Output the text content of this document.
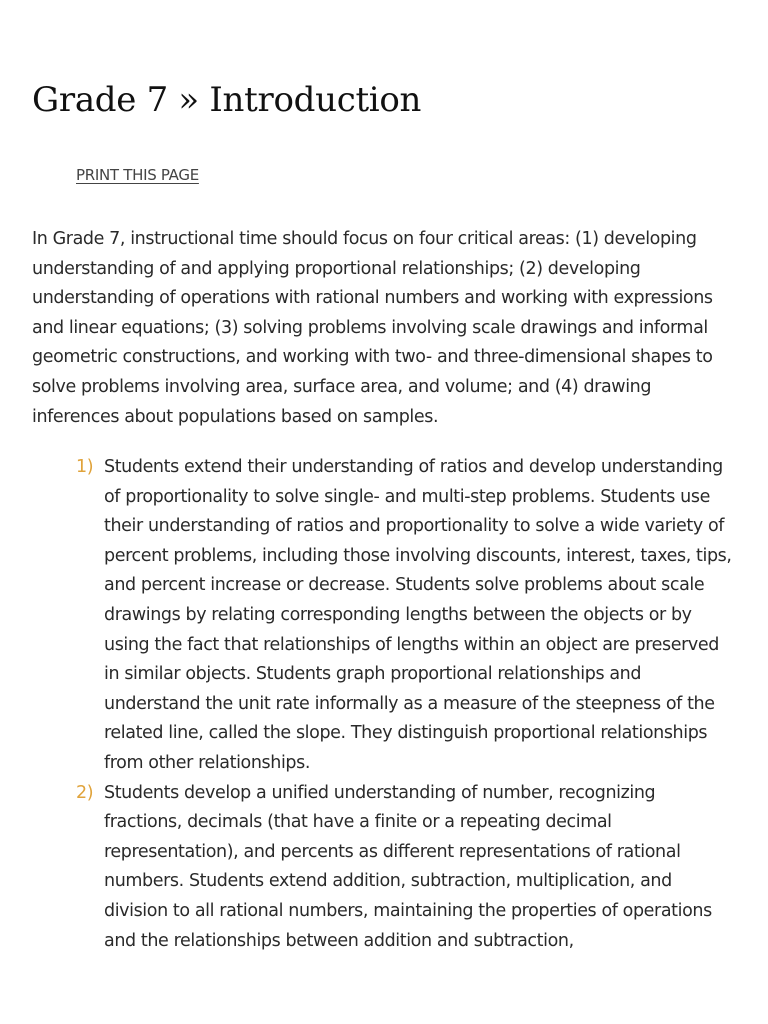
Grade 7 » Introduction
PRINT THIS PAGE

In Grade 7, instructional time should focus on four critical areas: (1) developing understanding of and applying proportional relationships; (2) developing understanding of operations with rational numbers and working with expressions and linear equations; (3) solving problems involving scale drawings and informal geometric constructions, and working with two- and three-dimensional shapes to solve problems involving area, surface area, and volume; and (4) drawing inferences about populations based on samples.

1) Students extend their understanding of ratios and develop understanding of proportionality to solve single- and multi-step problems. Students use their understanding of ratios and proportionality to solve a wide variety of percent problems, including those involving discounts, interest, taxes, tips, and percent increase or decrease. Students solve problems about scale drawings by relating corresponding lengths between the objects or by using the fact that relationships of lengths within an object are preserved in similar objects. Students graph proportional relationships and understand the unit rate informally as a measure of the steepness of the related line, called the slope. They distinguish proportional relationships from other relationships.
2) Students develop a unified understanding of number, recognizing fractions, decimals (that have a finite or a repeating decimal representation), and percents as different representations of rational numbers. Students extend addition, subtraction, multiplication, and division to all rational numbers, maintaining the properties of operations and the relationships between addition and subtraction,
